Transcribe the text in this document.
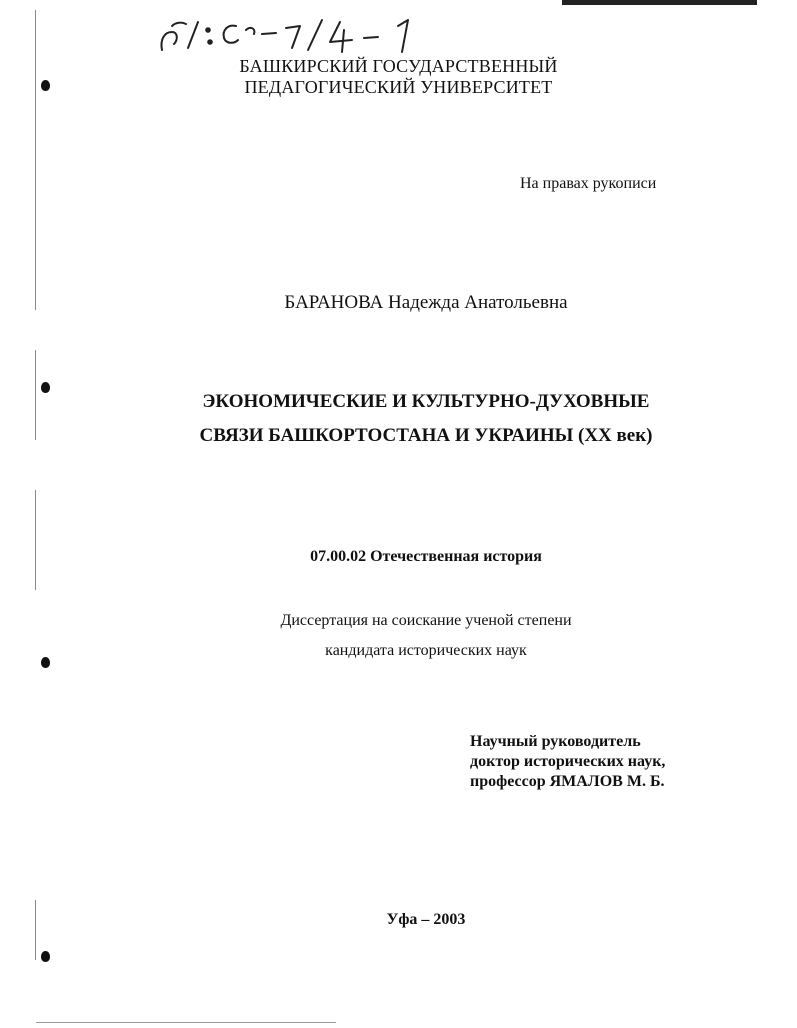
б/:оч-7/4-1
БАШКИРСКИЙ ГОСУДАРСТВЕННЫЙ
ПЕДАГОГИЧЕСКИЙ УНИВЕРСИТЕТ
На правах рукописи
БАРАНОВА Надежда Анатольевна
ЭКОНОМИЧЕСКИЕ И КУЛЬТУРНО-ДУХОВНЫЕ
СВЯЗИ БАШКОРТОСТАНА И УКРАИНЫ (XX век)
07.00.02 Отечественная история
Диссертация на соискание ученой степени
кандидата исторических наук
Научный руководитель
доктор исторических наук,
профессор ЯМАЛОВ М. Б.
Уфа – 2003
